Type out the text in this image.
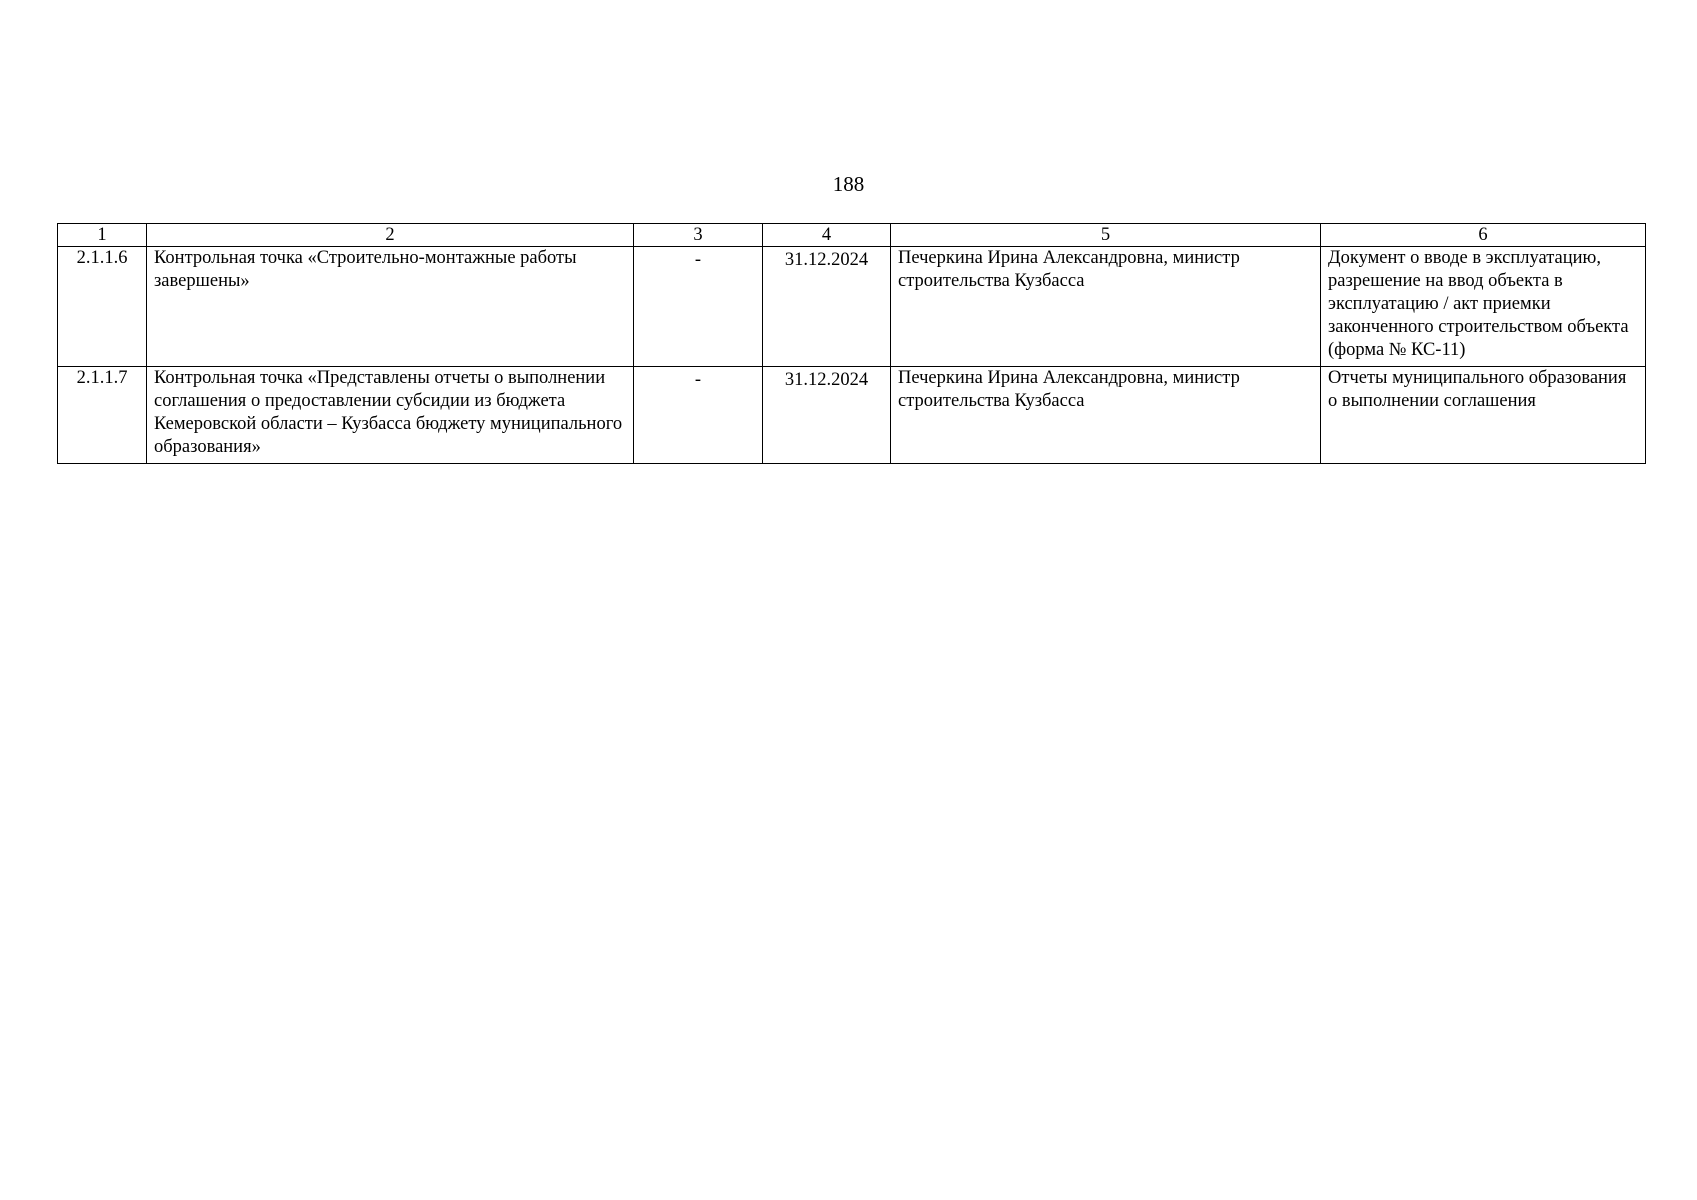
188
1	2	3	4	5	6
2.1.1.6	Контрольная точка «Строительно-монтажные работы завершены»	-	31.12.2024	Печеркина Ирина Александровна, министр строительства Кузбасса	Документ о вводе в эксплуатацию, разрешение на ввод объекта в эксплуатацию / акт приемки законченного строительством объекта (форма № КС-11)
2.1.1.7	Контрольная точка «Представлены отчеты о выполнении соглашения о предоставлении субсидии из бюджета Кемеровской области – Кузбасса бюджету муниципального образования»	-	31.12.2024	Печеркина Ирина Александровна, министр строительства Кузбасса	Отчеты муниципального образования о выполнении соглашения
